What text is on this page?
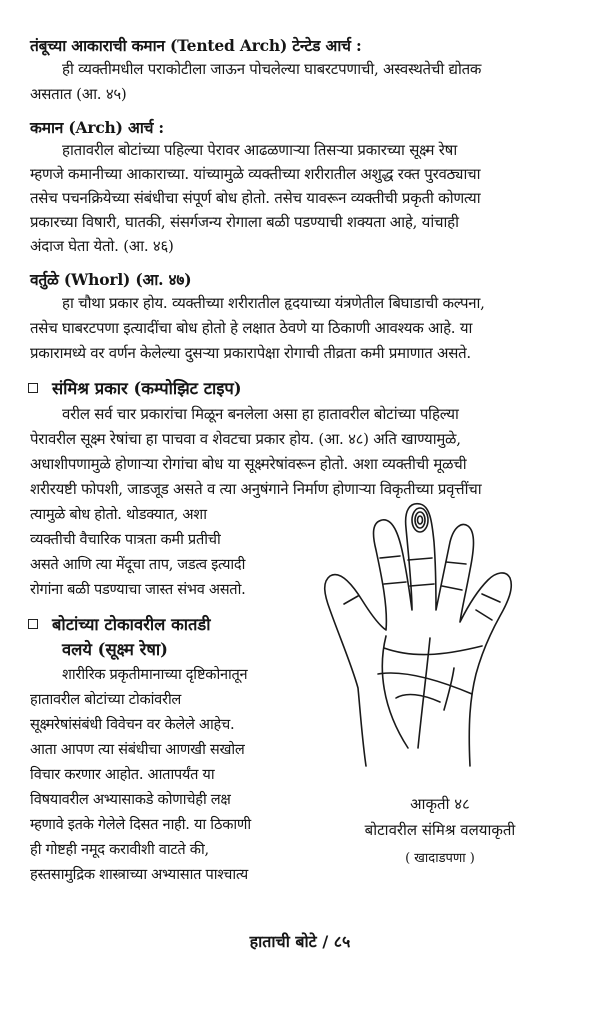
तंबूच्या आकाराची कमान (Tented Arch) टेन्टेड आर्च :
ही व्यक्तीमधील पराकोटीला जाऊन पोचलेल्या घाबरटपणाची, अस्वस्थतेची द्योतक
असतात (आ. ४५)
कमान (Arch) आर्च :
हातावरील बोटांच्या पहिल्या पेरावर आढळणाऱ्या तिसऱ्या प्रकारच्या सूक्ष्म रेषा
म्हणजे कमानीच्या आकाराच्या. यांच्यामुळे व्यक्तीच्या शरीरातील अशुद्ध रक्त पुरवठ्याचा
तसेच पचनक्रियेच्या संबंधीचा संपूर्ण बोध होतो. तसेच यावरून व्यक्तीची प्रकृती कोणत्या
प्रकारच्या विषारी, घातकी, संसर्गजन्य रोगाला बळी पडण्याची शक्यता आहे, यांचाही
अंदाज घेता येतो. (आ. ४६)
वर्तुळे (Whorl) (आ. ४७)
हा चौथा प्रकार होय. व्यक्तीच्या शरीरातील हृदयाच्या यंत्रणेतील बिघाडाची कल्पना,
तसेच घाबरटपणा इत्यादींचा बोध होतो हे लक्षात ठेवणे या ठिकाणी आवश्यक आहे. या
प्रकारामध्ये वर वर्णन केलेल्या दुसऱ्या प्रकारापेक्षा रोगाची तीव्रता कमी प्रमाणात असते.
संमिश्र प्रकार (कम्पोझिट टाइप)
वरील सर्व चार प्रकारांचा मिळून बनलेला असा हा हातावरील बोटांच्या पहिल्या
पेरावरील सूक्ष्म रेषांचा हा पाचवा व शेवटचा प्रकार होय. (आ. ४८) अति खाण्यामुळे,
अधाशीपणामुळे होणाऱ्या रोगांचा बोध या सूक्ष्मरेषांवरून होतो. अशा व्यक्तीची मूळची
शरीरयष्टी फोपशी, जाडजूड असते व त्या अनुषंगाने निर्माण होणाऱ्या विकृतीच्या प्रवृत्तींचा
त्यामुळे बोध होतो. थोडक्यात, अशा
व्यक्तीची वैचारिक पात्रता कमी प्रतीची
असते आणि त्या मेंदूचा ताप, जडत्व इत्यादी
रोगांना बळी पडण्याचा जास्त संभव असतो.
बोटांच्या टोकावरील कातडी
वलये (सूक्ष्म रेषा)
शारीरिक प्रकृतीमानाच्या दृष्टिकोनातून
हातावरील बोटांच्या टोकांवरील
सूक्ष्मरेषांसंबंधी विवेचन वर केलेले आहेच.
आता आपण त्या संबंधीचा आणखी सखोल
विचार करणार आहोत. आतापर्यंत या
विषयावरील अभ्यासाकडे कोणाचेही लक्ष
म्हणावे इतके गेलेले दिसत नाही. या ठिकाणी
ही गोष्टही नमूद करावीशी वाटते की,
हस्तसामुद्रिक शास्त्राच्या अभ्यासात पाश्चात्य
आकृती ४८
बोटावरील संमिश्र वलयाकृती
( खादाडपणा )
हाताची बोटे / ८५
